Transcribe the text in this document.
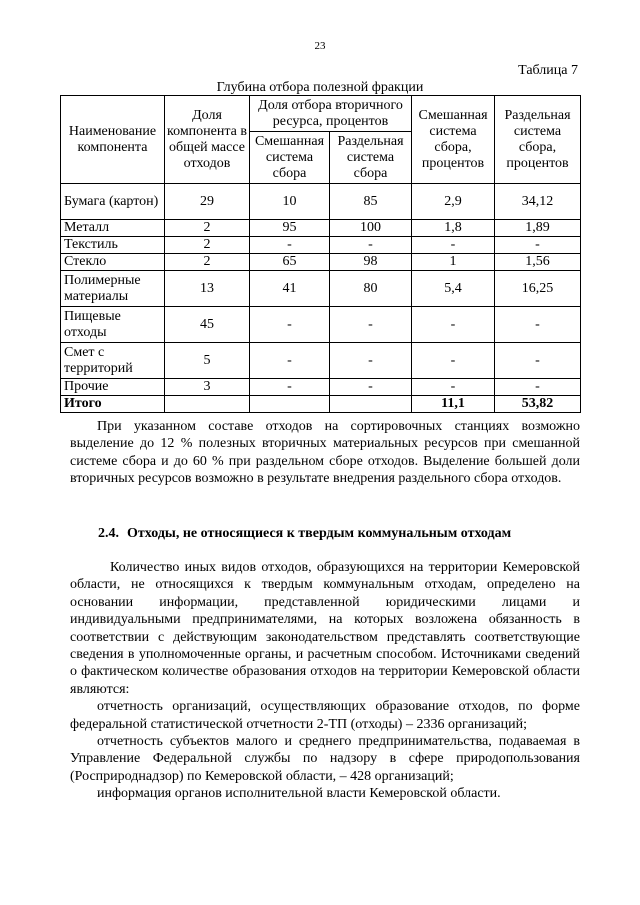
23
Таблица 7
Глубина отбора полезной фракции
Наименование компонента	Доля компонента в общей массе отходов	Доля отбора вторичного ресурса, процентов		Смешанная система сбора, процентов	Раздельная система сбора, процентов
		Смешанная система сбора	Раздельная система сбора		
Бумага (картон)	29	10	85	2,9	34,12
Металл	2	95	100	1,8	1,89
Текстиль	2	-	-	-	-
Стекло	2	65	98	1	1,56
Полимерные материалы	13	41	80	5,4	16,25
Пищевые отходы	45	-	-	-	-
Смет с территорий	5	-	-	-	-
Прочие	3	-	-	-	-
Итого				11,1	53,82

При указанном составе отходов на сортировочных станциях возможно выделение до 12 % полезных вторичных материальных ресурсов при смешанной системе сбора и до 60 % при раздельном сборе отходов. Выделение большей доли вторичных ресурсов возможно в результате внедрения раздельного сбора отходов.

2.4. Отходы, не относящиеся к твердым коммунальным отходам

Количество иных видов отходов, образующихся на территории Кемеровской области, не относящихся к твердым коммунальным отходам, определено на основании информации, представленной юридическими лицами и индивидуальными предпринимателями, на которых возложена обязанность в соответствии с действующим законодательством представлять соответствующие сведения в уполномоченные органы, и расчетным способом. Источниками сведений о фактическом количестве образования отходов на территории Кемеровской области являются:

отчетность организаций, осуществляющих образование отходов, по форме федеральной статистической отчетности 2-ТП (отходы) – 2336 организаций;

отчетность субъектов малого и среднего предпринимательства, подаваемая в Управление Федеральной службы по надзору в сфере природопользования (Росприроднадзор) по Кемеровской области, – 428 организаций;

информация органов исполнительной власти Кемеровской области.
